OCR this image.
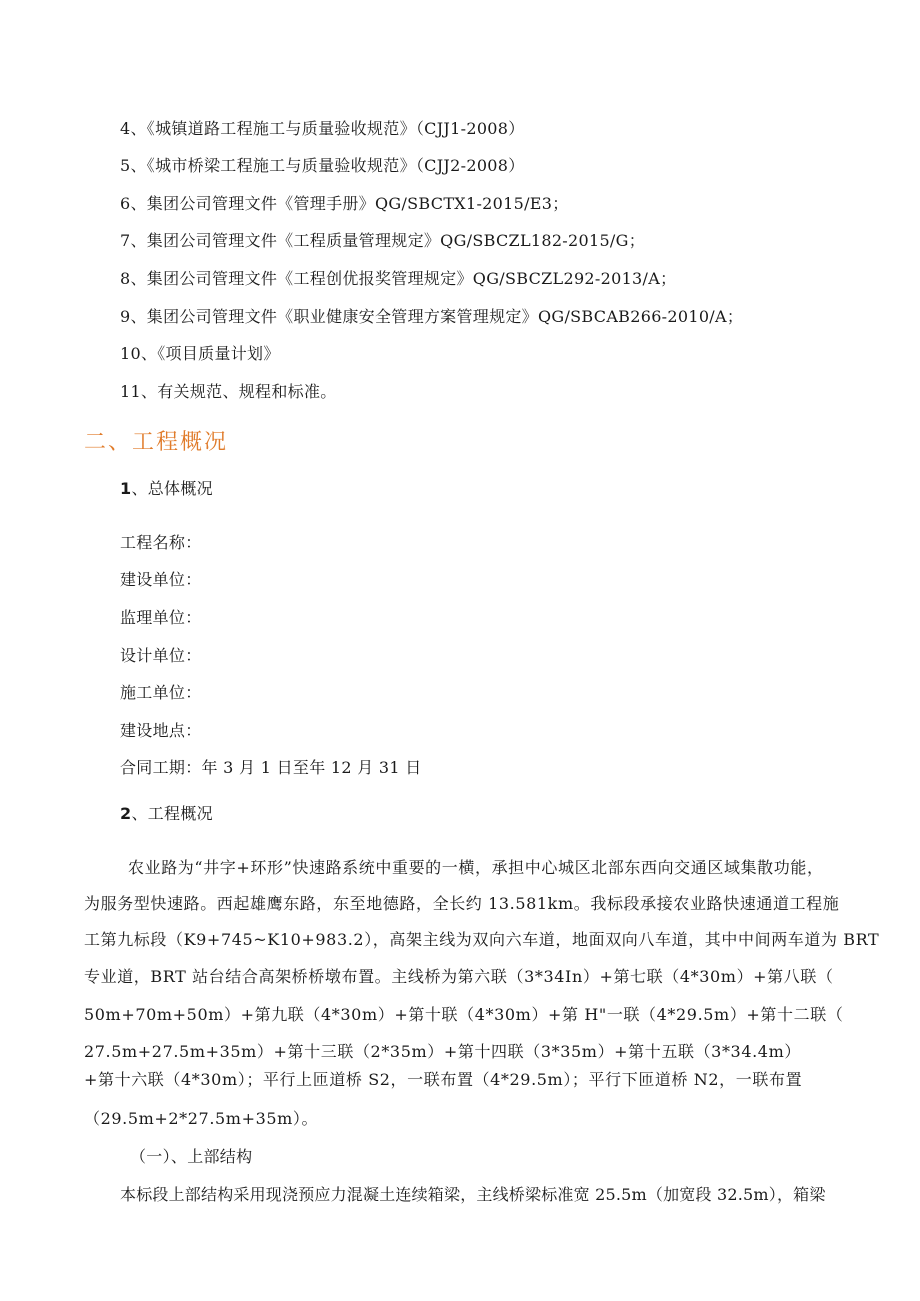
4、《城镇道路工程施工与质量验收规范》（CJJ1-2008）
5、《城市桥梁工程施工与质量验收规范》（CJJ2-2008）
6、集团公司管理文件《管理手册》QG/SBCTX1-2015/E3；
7、集团公司管理文件《工程质量管理规定》QG/SBCZL182-2015/G；
8、集团公司管理文件《工程创优报奖管理规定》QG/SBCZL292-2013/A；
9、集团公司管理文件《职业健康安全管理方案管理规定》QG/SBCAB266-2010/A；
10、《项目质量计划》
11、有关规范、规程和标准。
二、工程概况
1、总体概况
工程名称：
建设单位：
监理单位：
设计单位：
施工单位：
建设地点：
合同工期：年 3 月 1 日至年 12 月 31 日
2、工程概况
农业路为“井字+环形”快速路系统中重要的一横，承担中心城区北部东西向交通区域集散功能，
为服务型快速路。西起雄鹰东路，东至地德路，全长约 13.581km。我标段承接农业路快速通道工程施
工第九标段（K9+745~K10+983.2），高架主线为双向六车道，地面双向八车道，其中中间两车道为 BRT
专业道，BRT 站台结合高架桥桥墩布置。主线桥为第六联（3*34In）+第七联（4*30m）+第八联（
50m+70m+50m）+第九联（4*30m）+第十联（4*30m）+第 H"一联（4*29.5m）+第十二联（
27.5m+27.5m+35m）+第十三联（2*35m）+第十四联（3*35m）+第十五联（3*34.4m）
+第十六联（4*30m）；平行上匝道桥 S2，一联布置（4*29.5m）；平行下匝道桥 N2，一联布置
（29.5m+2*27.5m+35m）。
（一）、上部结构
本标段上部结构采用现浇预应力混凝土连续箱梁，主线桥梁标准宽 25.5m（加宽段 32.5m），箱梁
